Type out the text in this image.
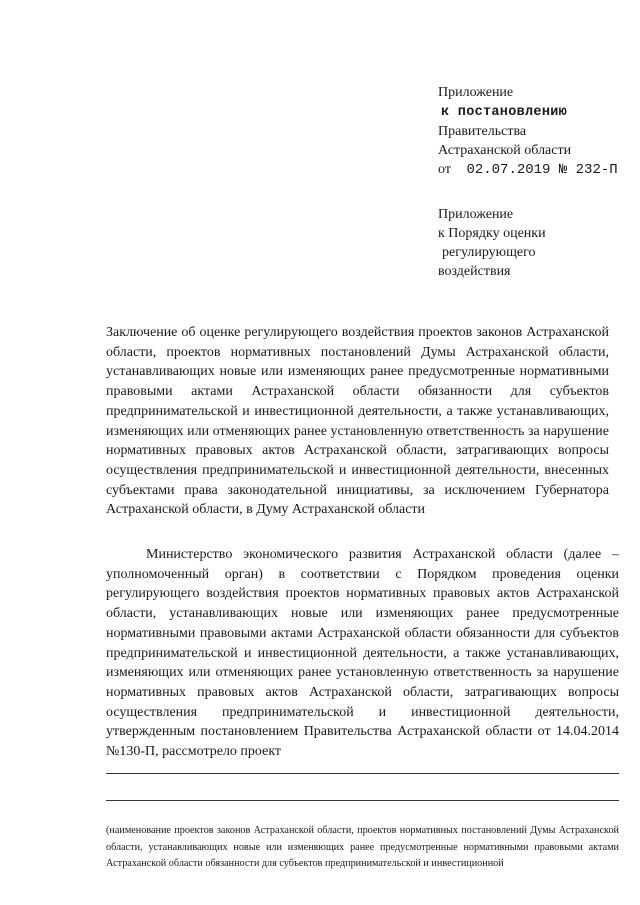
Приложение
к постановлению
Правительства
Астраханской области
от 02.07.2019 № 232-П
Приложение
к Порядку оценки
регулирующего
воздействия
Заключение об оценке регулирующего воздействия проектов законов Астраханской области, проектов нормативных постановлений Думы Астраханской области, устанавливающих новые или изменяющих ранее предусмотренные нормативными правовыми актами Астраханской области обязанности для субъектов предпринимательской и инвестиционной деятельности, а также устанавливающих, изменяющих или отменяющих ранее установленную ответственность за нарушение нормативных правовых актов Астраханской области, затрагивающих вопросы осуществления предпринимательской и инвестиционной деятельности, внесенных субъектами права законодательной инициативы, за исключением Губернатора Астраханской области, в Думу Астраханской области

Министерство экономического развития Астраханской области (далее – уполномоченный орган) в соответствии с Порядком проведения оценки регулирующего воздействия проектов нормативных правовых актов Астраханской области, устанавливающих новые или изменяющих ранее предусмотренные нормативными правовыми актами Астраханской области обязанности для субъектов предпринимательской и инвестиционной деятельности, а также устанавливающих, изменяющих или отменяющих ранее установленную ответственность за нарушение нормативных правовых актов Астраханской области, затрагивающих вопросы осуществления предпринимательской и инвестиционной деятельности, утвержденным постановлением Правительства Астраханской области от 14.04.2014 №130-П, рассмотрело проект

(наименование проектов законов Астраханской области, проектов нормативных постановлений Думы Астраханской области, устанавливающих новые или изменяющих ранее предусмотренные нормативными правовыми актами Астраханской области обязанности для субъектов предпринимательской и инвестиционной
